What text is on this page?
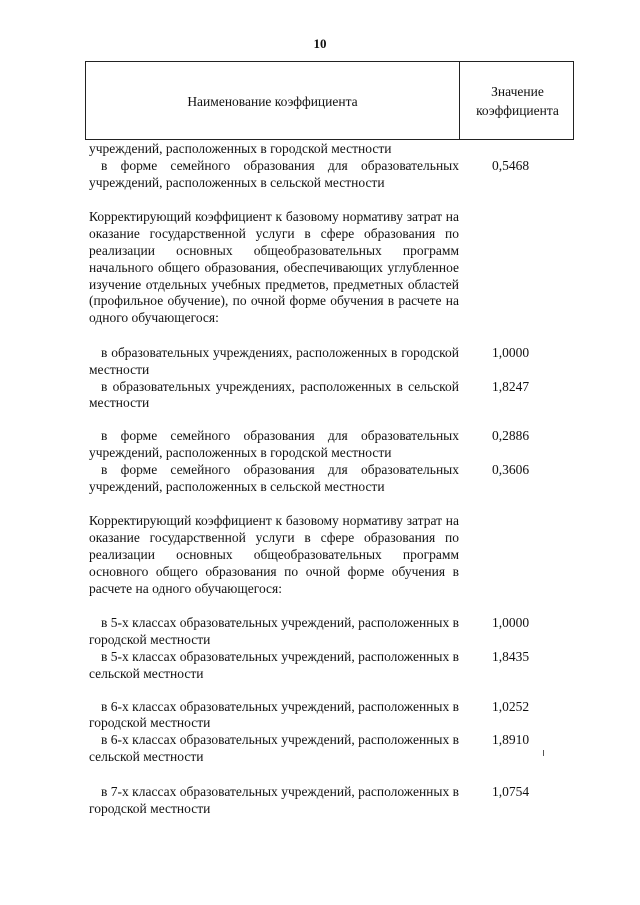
10
Наименование коэффициента
Значение
коэффициента
учреждений, расположенных в городской местности
в форме семейного образования для образовательных учреждений, расположенных в сельской местности
0,5468
Корректирующий коэффициент к базовому нормативу затрат на оказание государственной услуги в сфере образования по реализации основных общеобразовательных программ начального общего образования, обеспечивающих углубленное изучение отдельных учебных предметов, предметных областей (профильное обучение), по очной форме обучения в расчете на одного обучающегося:
в образовательных учреждениях, расположенных в городской местности
1,0000
в образовательных учреждениях, расположенных в сельской местности
1,8247
в форме семейного образования для образовательных учреждений, расположенных в городской местности
0,2886
в форме семейного образования для образовательных учреждений, расположенных в сельской местности
0,3606
Корректирующий коэффициент к базовому нормативу затрат на оказание государственной услуги в сфере образования по реализации основных общеобразовательных программ основного общего образования по очной форме обучения в расчете на одного обучающегося:
в 5-х классах образовательных учреждений, расположенных в городской местности
1,0000
в 5-х классах образовательных учреждений, расположенных в сельской местности
1,8435
в 6-х классах образовательных учреждений, расположенных в городской местности
1,0252
в 6-х классах образовательных учреждений, расположенных в сельской местности
1,8910
в 7-х классах образовательных учреждений, расположенных в городской местности
1,0754
